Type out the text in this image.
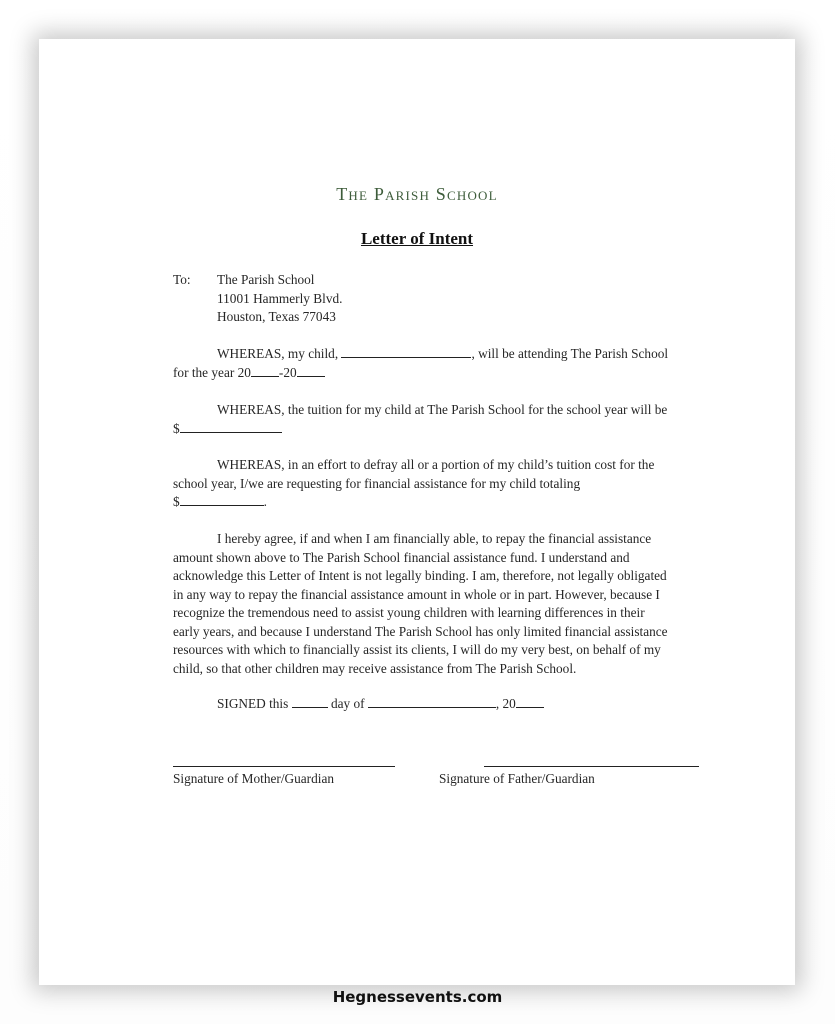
The Parish School
Letter of Intent
To:	The Parish School
11001 Hammerly Blvd.
Houston, Texas 77043
WHEREAS, my child,	, will be attending The Parish School
for the year 20 -20
WHEREAS, the tuition for my child at The Parish School for the school year will be
$
WHEREAS, in an effort to defray all or a portion of my child’s tuition cost for the
school year, I/we are requesting for financial assistance for my child totaling
$	.
I hereby agree, if and when I am financially able, to repay the financial assistance
amount shown above to The Parish School financial assistance fund. I understand and
acknowledge this Letter of Intent is not legally binding. I am, therefore, not legally obligated
in any way to repay the financial assistance amount in whole or in part. However, because I
recognize the tremendous need to assist young children with learning differences in their
early years, and because I understand The Parish School has only limited financial assistance
resources with which to financially assist its clients, I will do my very best, on behalf of my
child, so that other children may receive assistance from The Parish School.
SIGNED this	day of	, 20
Signature of Mother/Guardian	Signature of Father/Guardian
Hegnessevents.com
